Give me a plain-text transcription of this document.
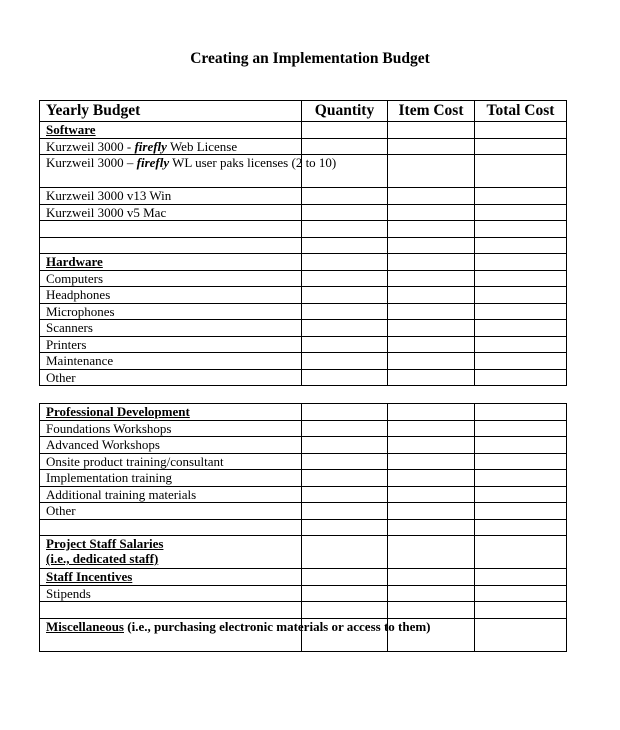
Creating an Implementation Budget
Yearly Budget	Quantity	Item Cost	Total Cost
Software			
Kurzweil 3000 - firefly Web License			
Kurzweil 3000 – firefly WL user paks licenses (2 to 10)			
Kurzweil 3000 v13 Win			
Kurzweil 3000 v5 Mac			

Hardware			
Computers			
Headphones			
Microphones			
Scanners			
Printers			
Maintenance			
Other			
Professional Development			
Foundations Workshops			
Advanced Workshops			
Onsite product training/consultant			
Implementation training			
Additional training materials			
Other			

Project Staff Salaries
(i.e., dedicated staff)			
Staff Incentives			
Stipends			

Miscellaneous (i.e., purchasing electronic materials or access to them)			
